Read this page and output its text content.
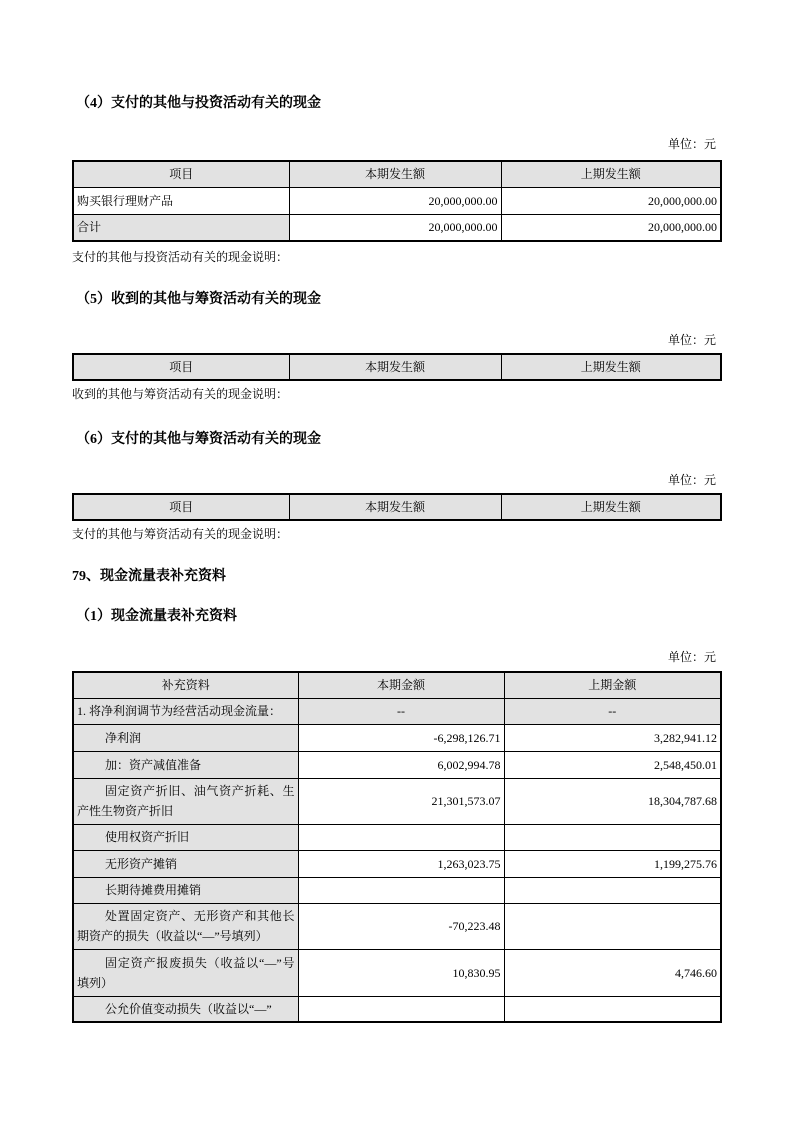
（4）支付的其他与投资活动有关的现金
单位：元
项目	本期发生额	上期发生额
购买银行理财产品	20,000,000.00	20,000,000.00
合计	20,000,000.00	20,000,000.00
支付的其他与投资活动有关的现金说明：
（5）收到的其他与筹资活动有关的现金
单位：元
项目	本期发生额	上期发生额
收到的其他与筹资活动有关的现金说明：
（6）支付的其他与筹资活动有关的现金
单位：元
项目	本期发生额	上期发生额
支付的其他与筹资活动有关的现金说明：
79、现金流量表补充资料
（1）现金流量表补充资料
单位：元
补充资料	本期金额	上期金额
1. 将净利润调节为经营活动现金流量：	--	--
净利润	-6,298,126.71	3,282,941.12
加：资产减值准备	6,002,994.78	2,548,450.01
固定资产折旧、油气资产折耗、生产性生物资产折旧	21,301,573.07	18,304,787.68
使用权资产折旧		
无形资产摊销	1,263,023.75	1,199,275.76
长期待摊费用摊销		
处置固定资产、无形资产和其他长期资产的损失（收益以“—”号填列）	-70,223.48	
固定资产报废损失（收益以“—”号填列）	10,830.95	4,746.60
公允价值变动损失（收益以“—”		
